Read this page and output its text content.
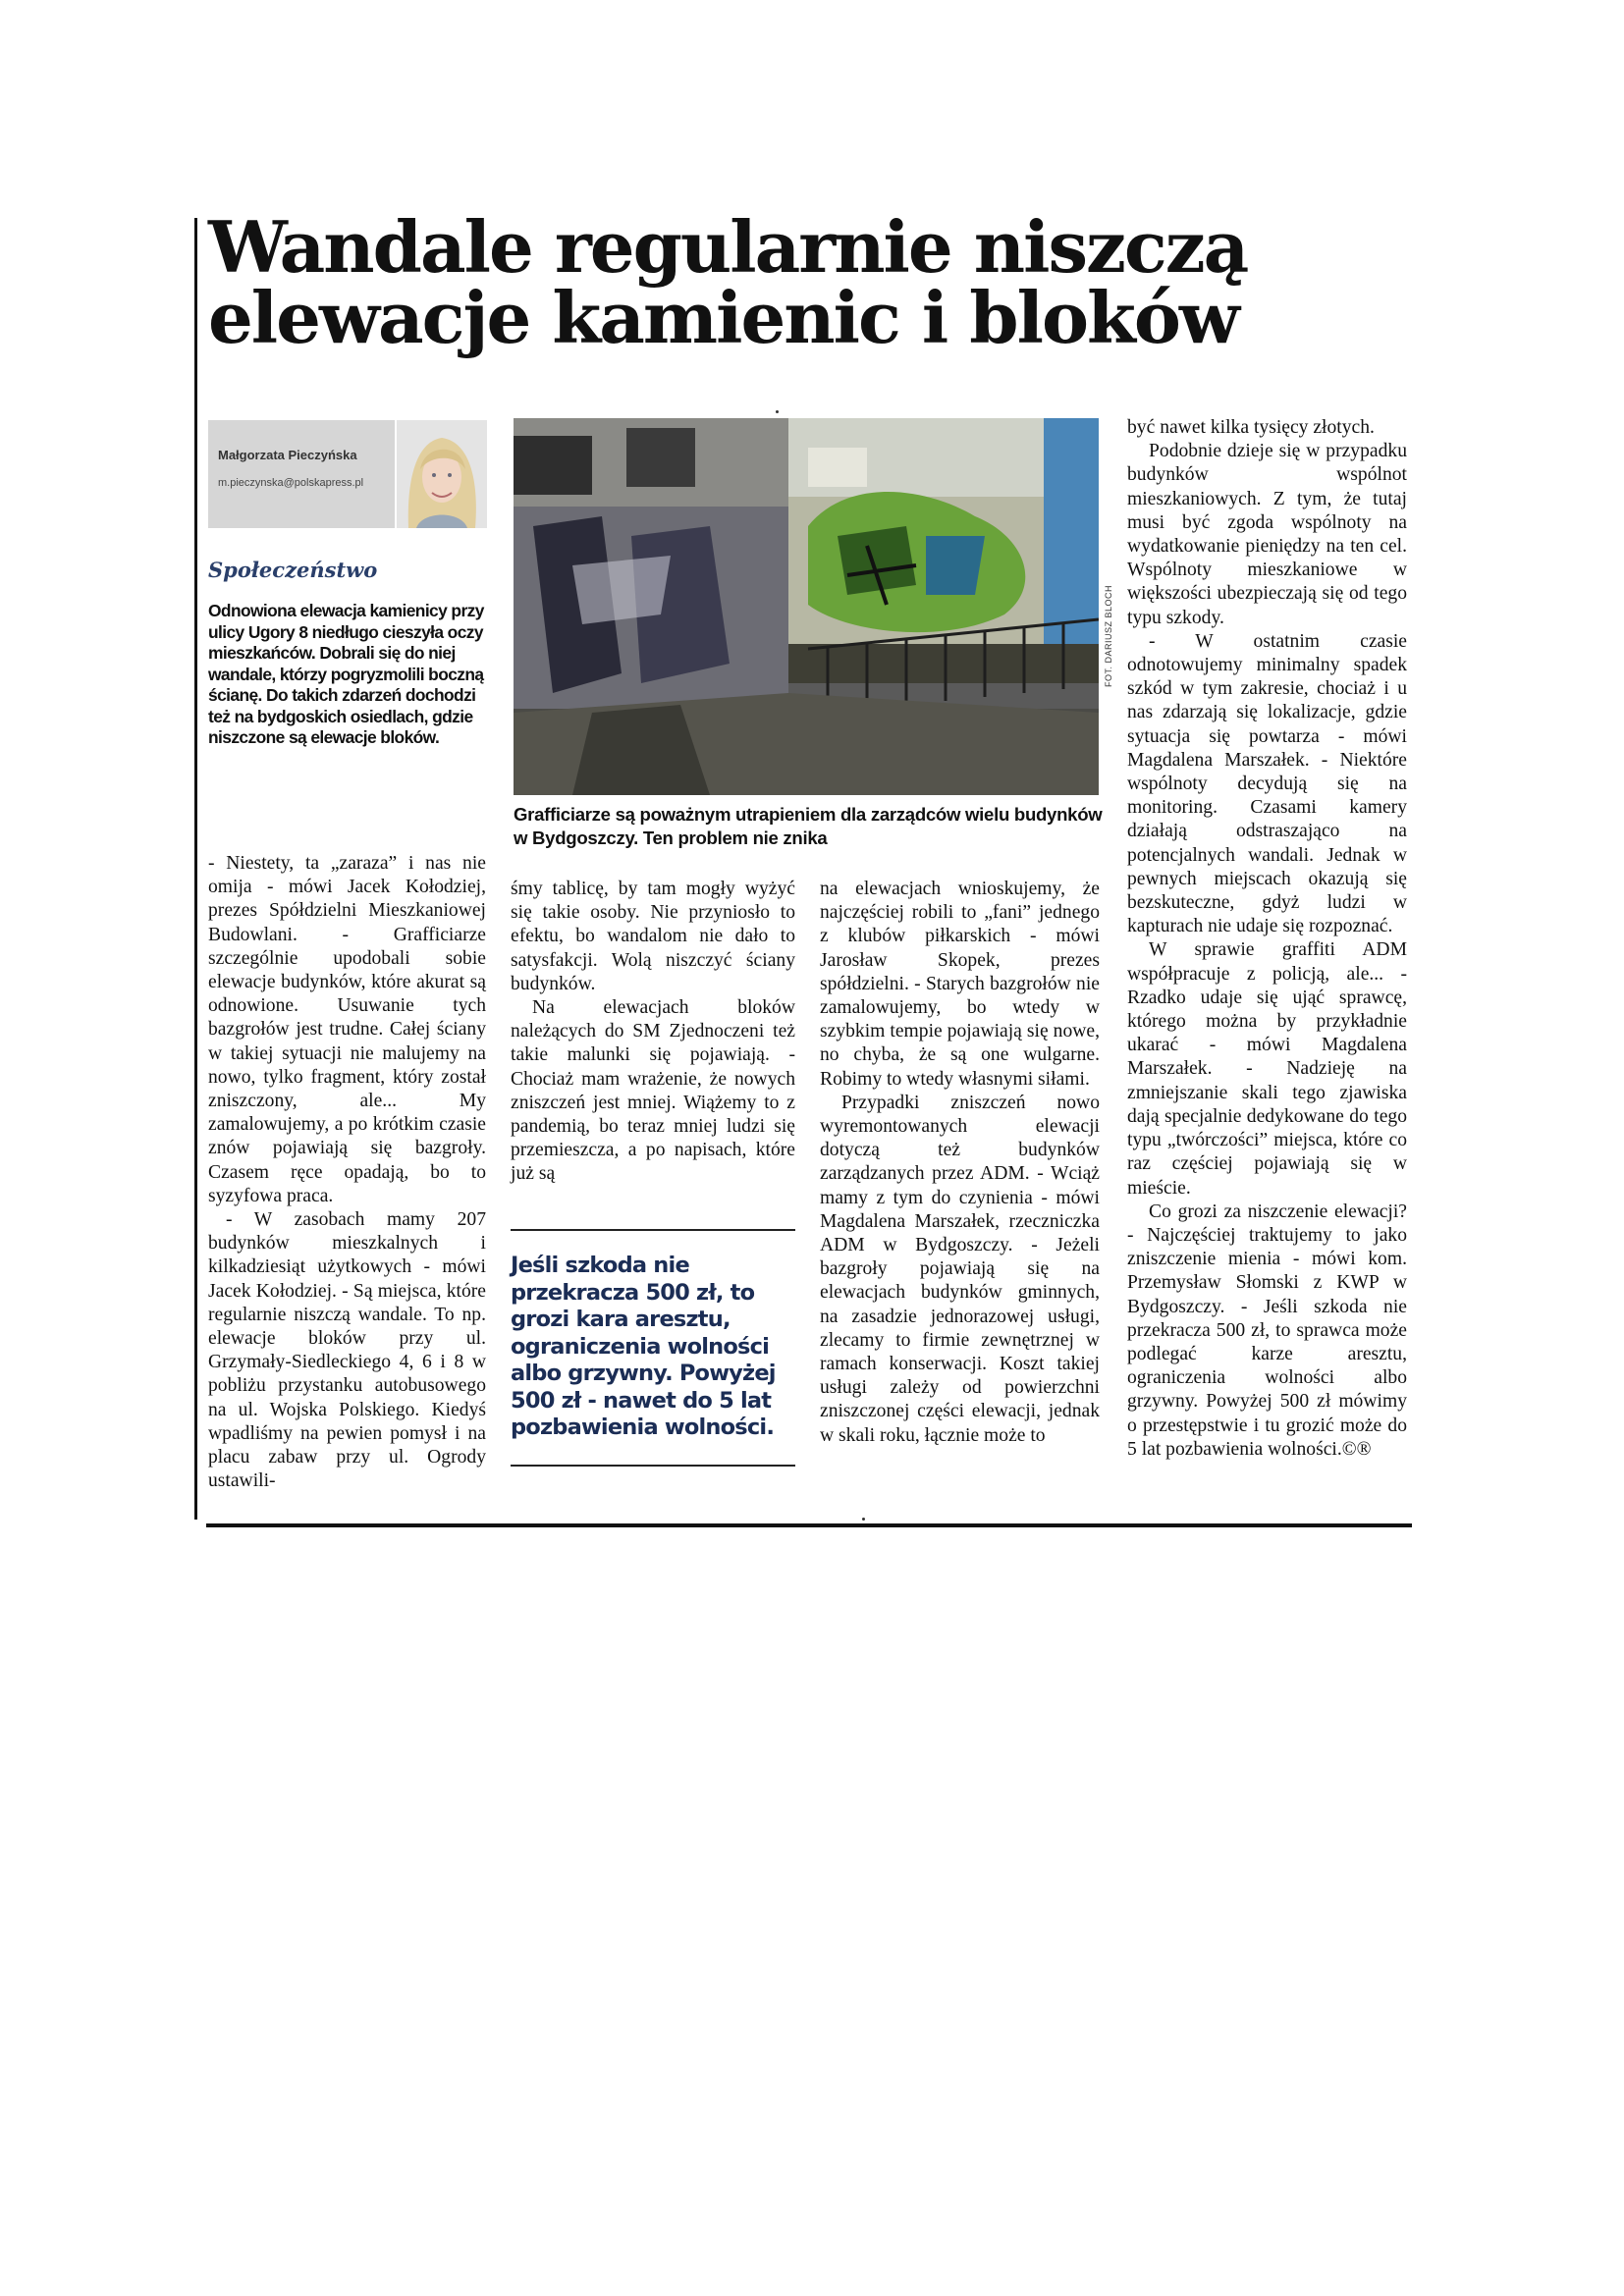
Wandale regularnie niszczą
elewacje kamienic i bloków
Małgorzata Pieczyńska
m.pieczynska@polskapress.pl
Społeczeństwo

Odnowiona elewacja kamienicy przy ulicy Ugory 8 niedługo cieszyła oczy mieszkańców. Dobrali się do niej wandale, którzy pogryzmolili boczną ścianę. Do takich zdarzeń dochodzi też na bydgoskich osiedlach, gdzie niszczone są elewacje bloków.

FOT. DARIUSZ BLOCH

Grafficiarze są poważnym utrapieniem dla zarządców wielu budynków w Bydgoszczy. Ten problem nie znika

- Niestety, ta „zaraza” i nas nie omija - mówi Jacek Kołodziej, prezes Spółdzielni Mieszkaniowej Budowlani. - Grafficiarze szczególnie upodobali sobie elewacje budynków, które akurat są odnowione. Usuwanie tych bazgrołów jest trudne. Całej ściany w takiej sytuacji nie malujemy na nowo, tylko fragment, który został zniszczony, ale... My zamalowujemy, a po krótkim czasie znów pojawiają się bazgroły. Czasem ręce opadają, bo to syzyfowa praca.

- W zasobach mamy 207 budynków mieszkalnych i kilkadziesiąt użytkowych - mówi Jacek Kołodziej. - Są miejsca, które regularnie niszczą wandale. To np. elewacje bloków przy ul. Grzymały-Siedleckiego 4, 6 i 8 w pobliżu przystanku autobusowego na ul. Wojska Polskiego. Kiedyś wpadliśmy na pewien pomysł i na placu zabaw przy ul. Ogrody ustawili-

śmy tablicę, by tam mogły wyżyć się takie osoby. Nie przyniosło to efektu, bo wandalom nie dało to satysfakcji. Wolą niszczyć ściany budynków.

Na elewacjach bloków należących do SM Zjednoczeni też takie malunki się pojawiają. - Chociaż mam wrażenie, że nowych zniszczeń jest mniej. Wiążemy to z pandemią, bo teraz mniej ludzi się przemieszcza, a po napisach, które już są

Jeśli szkoda nie przekracza 500 zł, to grozi kara aresztu, ograniczenia wolności albo grzywny. Powyżej 500 zł - nawet do 5 lat pozbawienia wolności.

na elewacjach wnioskujemy, że najczęściej robili to „fani” jednego z klubów piłkarskich - mówi Jarosław Skopek, prezes spółdzielni. - Starych bazgrołów nie zamalowujemy, bo wtedy w szybkim tempie pojawiają się nowe, no chyba, że są one wulgarne. Robimy to wtedy własnymi siłami.

Przypadki zniszczeń nowo wyremontowanych elewacji dotyczą też budynków zarządzanych przez ADM. - Wciąż mamy z tym do czynienia - mówi Magdalena Marszałek, rzeczniczka ADM w Bydgoszczy. - Jeżeli bazgroły pojawiają się na elewacjach budynków gminnych, na zasadzie jednorazowej usługi, zlecamy to firmie zewnętrznej w ramach konserwacji. Koszt takiej usługi zależy od powierzchni zniszczonej części elewacji, jednak w skali roku, łącznie może to

być nawet kilka tysięcy złotych.

Podobnie dzieje się w przypadku budynków wspólnot mieszkaniowych. Z tym, że tutaj musi być zgoda wspólnoty na wydatkowanie pieniędzy na ten cel. Wspólnoty mieszkaniowe w większości ubezpieczają się od tego typu szkody.

- W ostatnim czasie odnotowujemy minimalny spadek szkód w tym zakresie, chociaż i u nas zdarzają się lokalizacje, gdzie sytuacja się powtarza - mówi Magdalena Marszałek. - Niektóre wspólnoty decydują się na monitoring. Czasami kamery działają odstraszająco na potencjalnych wandali. Jednak w pewnych miejscach okazują się bezskuteczne, gdyż ludzi w kapturach nie udaje się rozpoznać.

W sprawie graffiti ADM współpracuje z policją, ale... - Rzadko udaje się ująć sprawcę, którego można by przykładnie ukarać - mówi Magdalena Marszałek. - Nadzieję na zmniejszanie skali tego zjawiska dają specjalnie dedykowane do tego typu „twórczości” miejsca, które co raz częściej pojawiają się w mieście.

Co grozi za niszczenie elewacji? - Najczęściej traktujemy to jako zniszczenie mienia - mówi kom. Przemysław Słomski z KWP w Bydgoszczy. - Jeśli szkoda nie przekracza 500 zł, to sprawca może podlegać karze aresztu, ograniczenia wolności albo grzywny. Powyżej 500 zł mówimy o przestępstwie i tu grozić może do 5 lat pozbawienia wolności.©®
